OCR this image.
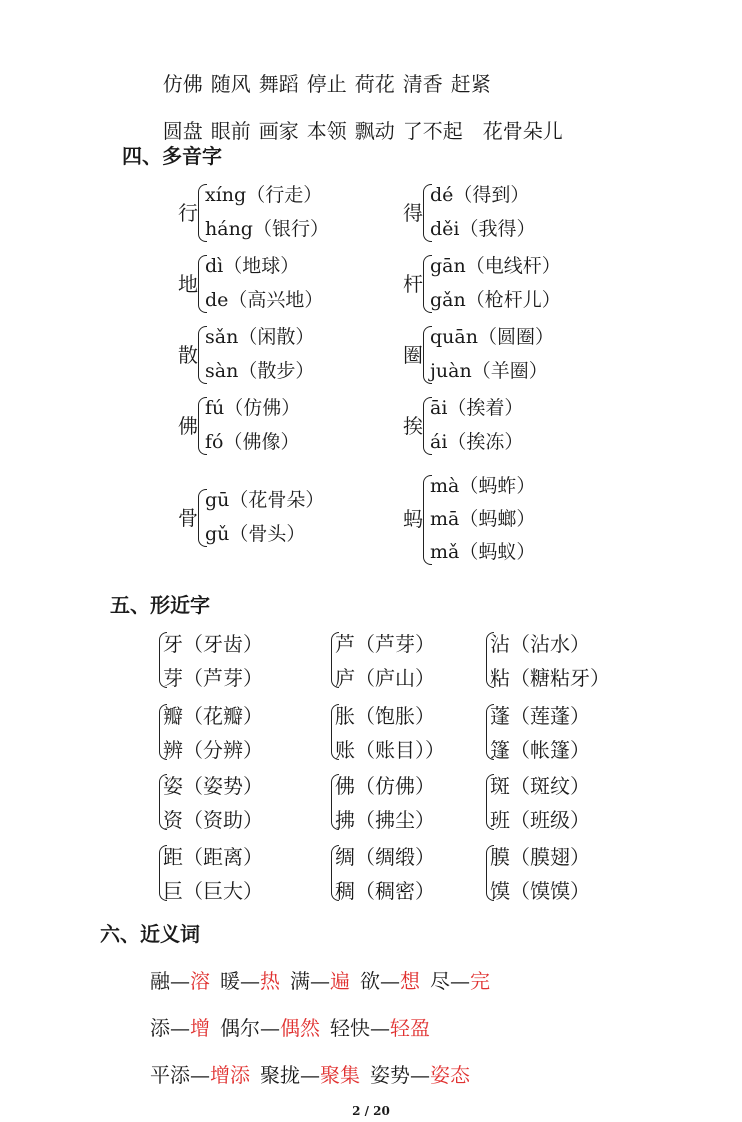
仿佛 随风 舞蹈 停止 荷花 清香 赶紧

圆盘 眼前 画家 本领 飘动 了不起 花骨朵儿

四、多音字
行
xíng（行走）
háng（银行）
得
dé（得到）
děi（我得）
地
dì（地球）
de（高兴地）
杆
gān（电线杆）
gǎn（枪杆儿）
散
sǎn（闲散）
sàn（散步）
圈
quān（圆圈）
juàn（羊圈）
佛
fú（仿佛）
fó（佛像）
挨
āi（挨着）
ái（挨冻）
骨
gū（花骨朵）
gǔ（骨头）
蚂
mà（蚂蚱）
mā（蚂螂）
mǎ（蚂蚁）
五、形近字
牙（牙齿）
芽（芦芽）
芦（芦芽）
庐（庐山）
沾（沾水）
粘（糖粘牙）
瓣（花瓣）
辨（分辨）
胀（饱胀）
账（账目））
蓬（莲蓬）
篷（帐篷）
姿（姿势）
资（资助）
佛（仿佛）
拂（拂尘）
斑（斑纹）
班（班级）
距（距离）
巨（巨大）
绸（绸缎）
稠（稠密）
膜（膜翅）
馍（馍馍）
六、近义词
融—溶 暖—热 满—遍 欲—想 尽—完
添—增 偶尔—偶然 轻快—轻盈
平添—增添 聚拢—聚集 姿势—姿态
2 / 20
